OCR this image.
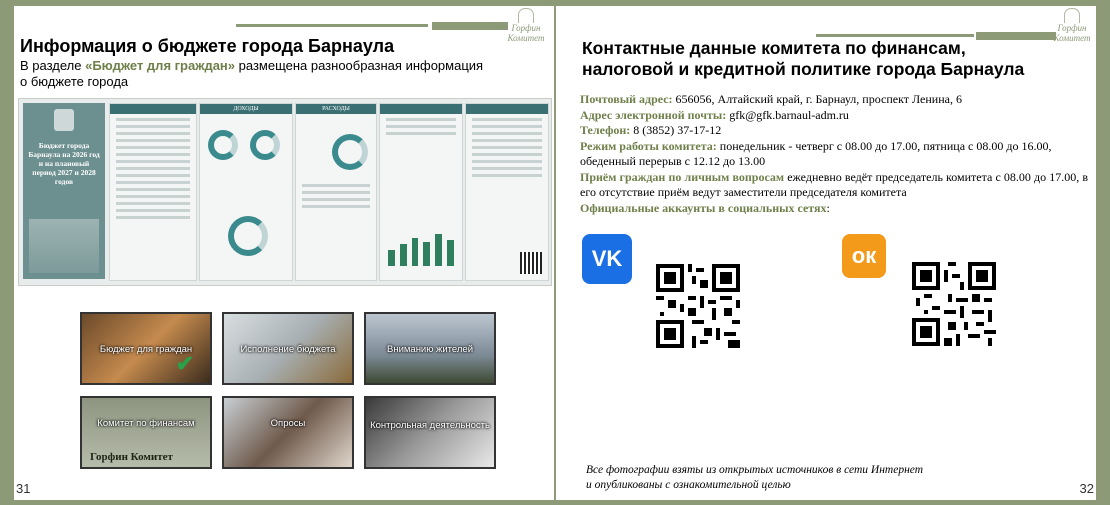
Горфин
Комитет
Информация о бюджете города Барнаула
В разделе «Бюджет для граждан» размещена разнообразная информация
о бюджете города
Бюджет города Барнаула на 2026 год и на плановый период 2027 и 2028 годов
ДОХОДЫ	РАСХОДЫ
Бюджет для граждан
✔
Исполнение бюджета	Вниманию жителей
Комитет по финансам
Горфин Комитет
Опросы	Контрольная деятельность
31
Горфин
Комитет
Контактные данные комитета по финансам,
налоговой и кредитной политике города Барнаула

Почтовый адрес: 656056, Алтайский край, г. Барнаул, проспект Ленина, 6

Адрес электронной почты: gfk@gfk.barnaul-adm.ru

Телефон: 8 (3852) 37-17-12

Режим работы комитета: понедельник - четверг с 08.00 до 17.00, пятница с 08.00 до 16.00, обеденный перерыв с 12.12 до 13.00

Приём граждан по личным вопросам ежедневно ведёт председатель комитета с 08.00 до 17.00, в его отсутствие приём ведут заместители председателя комитета

Официальные аккаунты в социальных сетях:

VK	ок
Все фотографии взяты из открытых источников в сети Интернет
и опубликованы с ознакомительной целью	32
